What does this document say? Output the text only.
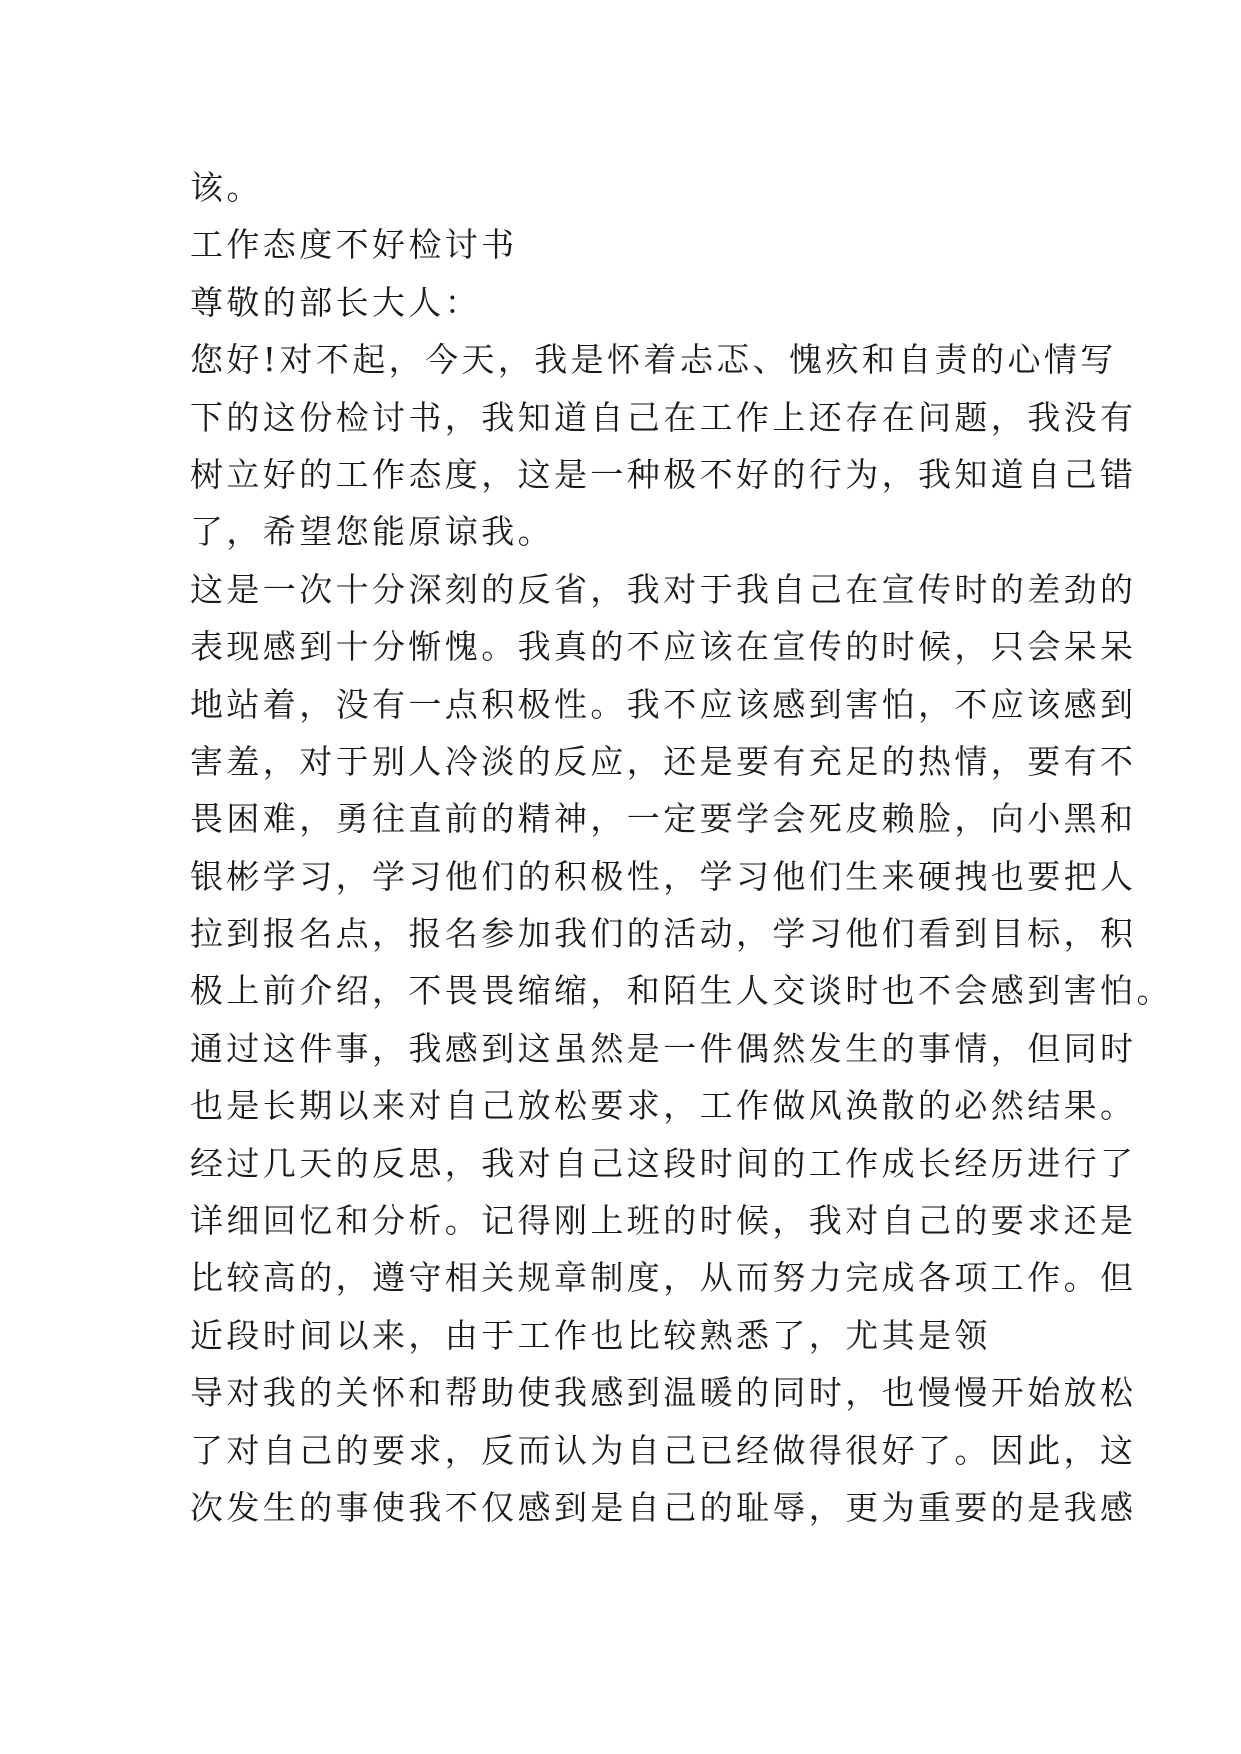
该。
工作态度不好检讨书
尊敬的部长大人：
您好!对不起，今天，我是怀着忐忑、愧疚和自责的心情写
下的这份检讨书，我知道自己在工作上还存在问题，我没有
树立好的工作态度，这是一种极不好的行为，我知道自己错
了，希望您能原谅我。
这是一次十分深刻的反省，我对于我自己在宣传时的差劲的
表现感到十分惭愧。我真的不应该在宣传的时候，只会呆呆
地站着，没有一点积极性。我不应该感到害怕，不应该感到
害羞，对于别人冷淡的反应，还是要有充足的热情，要有不
畏困难，勇往直前的精神，一定要学会死皮赖脸，向小黑和
银彬学习，学习他们的积极性，学习他们生来硬拽也要把人
拉到报名点，报名参加我们的活动，学习他们看到目标，积
极上前介绍，不畏畏缩缩，和陌生人交谈时也不会感到害怕。
通过这件事，我感到这虽然是一件偶然发生的事情，但同时
也是长期以来对自己放松要求，工作做风涣散的必然结果。
经过几天的反思，我对自己这段时间的工作成长经历进行了
详细回忆和分析。记得刚上班的时候，我对自己的要求还是
比较高的，遵守相关规章制度，从而努力完成各项工作。但
近段时间以来，由于工作也比较熟悉了，尤其是领
导对我的关怀和帮助使我感到温暖的同时，也慢慢开始放松
了对自己的要求，反而认为自己已经做得很好了。因此，这
次发生的事使我不仅感到是自己的耻辱，更为重要的是我感
